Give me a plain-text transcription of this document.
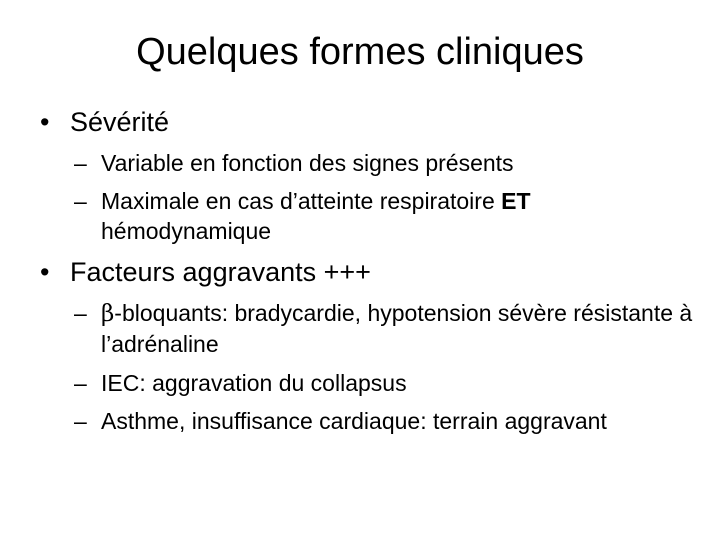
Quelques formes cliniques
• Sévérité
– Variable en fonction des signes présents
– Maximale en cas d’atteinte respiratoire ET hémodynamique
• Facteurs aggravants +++
– β-bloquants: bradycardie, hypotension sévère résistante à l’adrénaline
– IEC: aggravation du collapsus
– Asthme, insuffisance cardiaque: terrain aggravant
